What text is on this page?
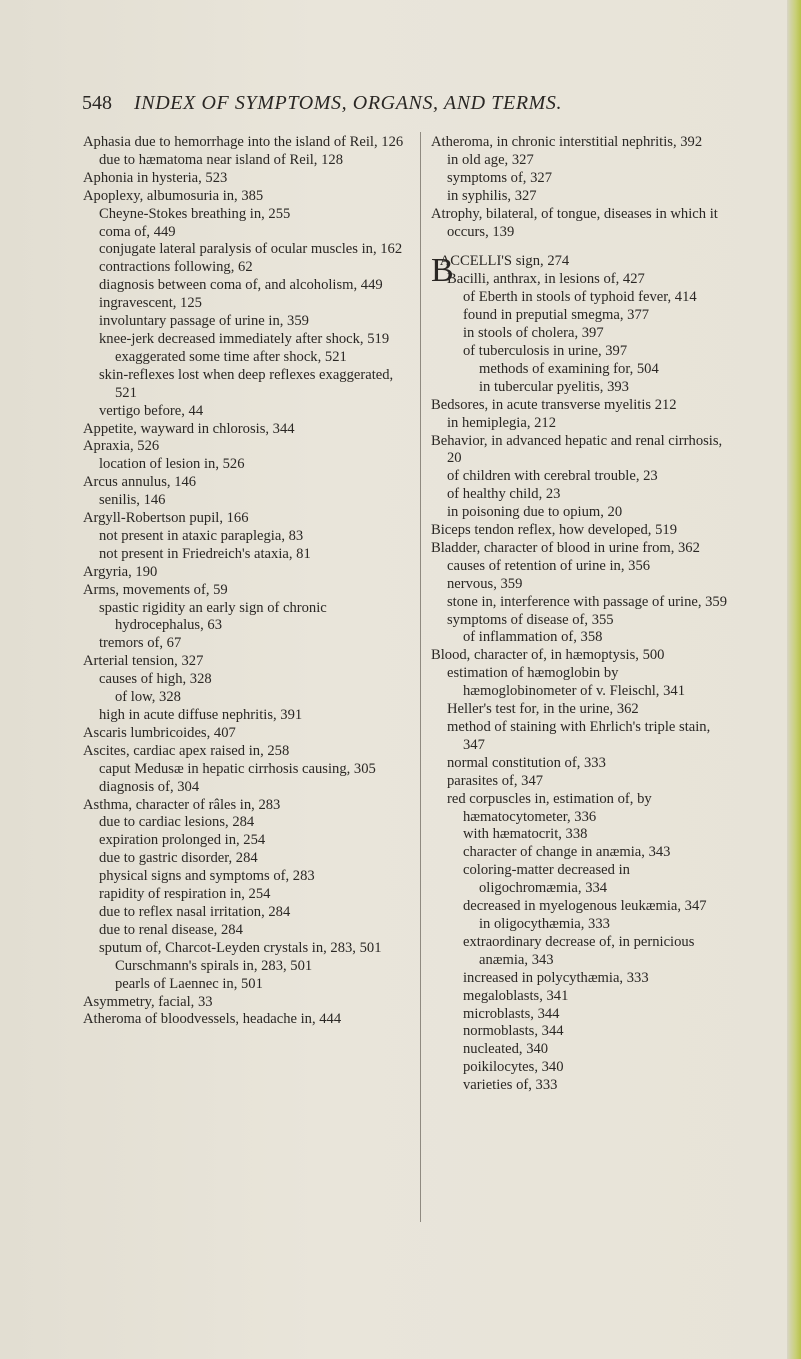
548 INDEX OF SYMPTOMS, ORGANS, AND TERMS.
Aphasia due to hemorrhage into the island of Reil, 126
due to hæmatoma near island of Reil, 128
Aphonia in hysteria, 523
Apoplexy, albumosuria in, 385
Cheyne-Stokes breathing in, 255
coma of, 449
conjugate lateral paralysis of ocular muscles in, 162
contractions following, 62
diagnosis between coma of, and alcoholism, 449
ingravescent, 125
involuntary passage of urine in, 359
knee-jerk decreased immediately after shock, 519
exaggerated some time after shock, 521
skin-reflexes lost when deep reflexes exaggerated, 521
vertigo before, 44
Appetite, wayward in chlorosis, 344
Apraxia, 526
location of lesion in, 526
Arcus annulus, 146
senilis, 146
Argyll-Robertson pupil, 166
not present in ataxic paraplegia, 83
not present in Friedreich's ataxia, 81
Argyria, 190
Arms, movements of, 59
spastic rigidity an early sign of chronic hydrocephalus, 63
tremors of, 67
Arterial tension, 327
causes of high, 328
of low, 328
high in acute diffuse nephritis, 391
Ascaris lumbricoides, 407
Ascites, cardiac apex raised in, 258
caput Medusæ in hepatic cirrhosis causing, 305
diagnosis of, 304
Asthma, character of râles in, 283
due to cardiac lesions, 284
expiration prolonged in, 254
due to gastric disorder, 284
physical signs and symptoms of, 283
rapidity of respiration in, 254
due to reflex nasal irritation, 284
due to renal disease, 284
sputum of, Charcot-Leyden crystals in, 283, 501
Curschmann's spirals in, 283, 501
pearls of Laennec in, 501
Asymmetry, facial, 33
Atheroma of bloodvessels, headache in, 444
Atheroma, in chronic interstitial nephritis, 392
in old age, 327
symptoms of, 327
in syphilis, 327
Atrophy, bilateral, of tongue, diseases in which it occurs, 139
B
ACCELLI'S sign, 274
Bacilli, anthrax, in lesions of, 427
of Eberth in stools of typhoid fever, 414
found in preputial smegma, 377
in stools of cholera, 397
of tuberculosis in urine, 397
methods of examining for, 504
in tubercular pyelitis, 393
Bedsores, in acute transverse myelitis 212
in hemiplegia, 212
Behavior, in advanced hepatic and renal cirrhosis, 20
of children with cerebral trouble, 23
of healthy child, 23
in poisoning due to opium, 20
Biceps tendon reflex, how developed, 519
Bladder, character of blood in urine from, 362
causes of retention of urine in, 356
nervous, 359
stone in, interference with passage of urine, 359
symptoms of disease of, 355
of inflammation of, 358
Blood, character of, in hæmoptysis, 500
estimation of hæmoglobin by hæmoglobinometer of v. Fleischl, 341
Heller's test for, in the urine, 362
method of staining with Ehrlich's triple stain, 347
normal constitution of, 333
parasites of, 347
red corpuscles in, estimation of, by hæmatocytometer, 336
with hæmatocrit, 338
character of change in anæmia, 343
coloring-matter decreased in oligochromæmia, 334
decreased in myelogenous leukæmia, 347
in oligocythæmia, 333
extraordinary decrease of, in pernicious anæmia, 343
increased in polycythæmia, 333
megaloblasts, 341
microblasts, 344
normoblasts, 344
nucleated, 340
poikilocytes, 340
varieties of, 333
